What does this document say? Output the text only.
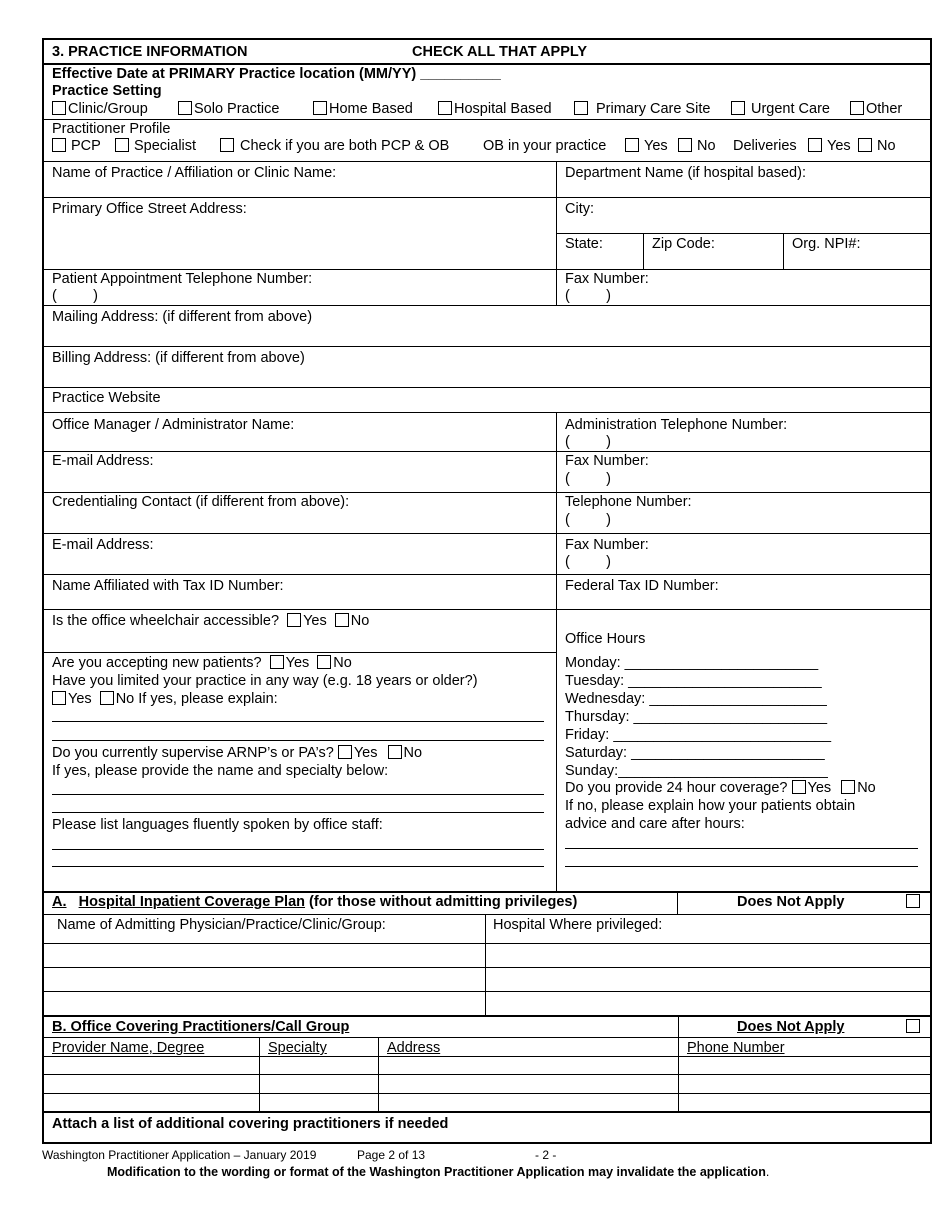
3. PRACTICE INFORMATION	CHECK ALL THAT APPLY
Effective Date at PRIMARY Practice location (MM/YY) __________
Practice Setting
Clinic/Group	Solo Practice	Home Based	Hospital Based	Primary Care Site	Urgent Care	Other
Practitioner Profile
PCP	Specialist	Check if you are both PCP & OB OB in your practice	Yes	No Deliveries	Yes	No
Name of Practice / Affiliation or Clinic Name:	Department Name (if hospital based):
Primary Office Street Address:	City:
State:	Zip Code:	Org. NPI#:
Patient Appointment Telephone Number:
(         )
Fax Number:
(         )
Mailing Address: (if different from above)
Billing Address: (if different from above)
Practice Website
Office Manager / Administrator Name:	Administration Telephone Number:
(         )
E-mail Address:	Fax Number:
(         )
Credentialing Contact (if different from above):	Telephone Number:
(         )
E-mail Address:	Fax Number:
(         )
Name Affiliated with Tax ID Number:	Federal Tax ID Number:
Is the office wheelchair accessible? Yes No
Are you accepting new patients? Yes No
Have you limited your practice in any way (e.g. 18 years or older?)
Yes No If yes, please explain:
Do you currently supervise ARNP’s or PA’s? Yes No
If yes, please provide the name and specialty below:
Please list languages fluently spoken by office staff:
Office Hours
Monday: ________________________
Tuesday: ________________________
Wednesday: ______________________
Thursday: ________________________
Friday: ___________________________
Saturday: ________________________
Sunday:__________________________
Do you provide 24 hour coverage? Yes No
If no, please explain how your patients obtain
advice and care after hours:
A. Hospital Inpatient Coverage Plan (for those without admitting privileges)	Does Not Apply
Name of Admitting Physician/Practice/Clinic/Group:	Hospital Where privileged:
B. Office Covering Practitioners/Call Group	Does Not Apply
Provider Name, Degree	Specialty	Address	Phone Number
Attach a list of additional covering practitioners if needed
Washington Practitioner Application – January 2019	Page 2 of 13	- 2 -
Modification to the wording or format of the Washington Practitioner Application may invalidate the application.
